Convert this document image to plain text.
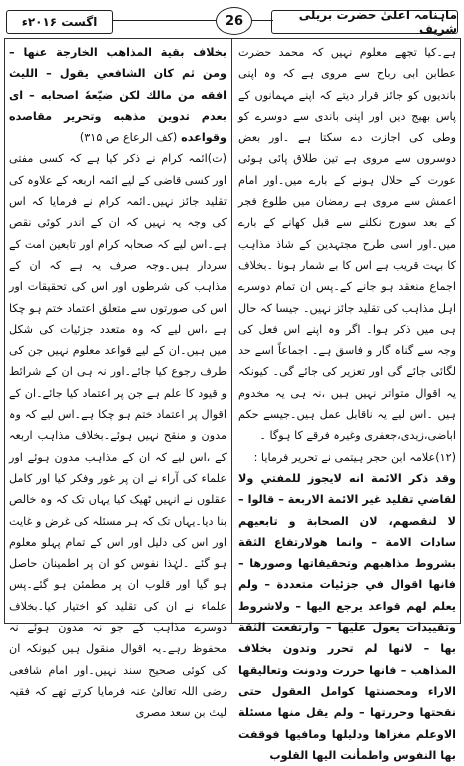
اگست ۲۰۱۶ء	26	ماہنامہ اعلیٰ حضرت بریلی شریف

ہے۔کیا تجھے معلوم نہیں کہ محمد حضرت عطابن ابی رباح سے مروی ہے کہ وہ اپنی باندیوں کو جائز قرار دیتے کہ اپنے مہمانوں کے پاس بھیج دیں اور اپنی باندی سے دوسرے کو وطی کی اجازت دے سکتا ہے ۔اور بعض دوسروں سے مروی ہے تین طلاق پائی ہوئی عورت کے حلال ہونے کے بارے میں۔اور امام اعمش سے مروی ہے رمضان میں طلوع فجر کے بعد سورج نکلنے سے قبل کھانے کے بارے میں۔اور اسی طرح مجتہدین کے شاذ مذاہب کا بہت قریب ہے اس کا بے شمار ہونا ۔بخلاف اجماع منعقد ہو جانے کے۔پس ان تمام دوسرے اہل مذاہب کی تقلید جائز نہیں۔ جیسا کہ حال ہی میں ذکر ہوا۔ اگر وہ اپنے اس فعل کی وجہ سے گناہ گار و فاسق ہے۔ اجماعاً اسے حد لگائی جائے گی اور تعزیر کی جائے گی۔ کیونکہ یہ اقوال متواتر نہیں ہیں ،نہ ہی یہ مخدوم ہیں ۔اس لیے یہ ناقابل عمل ہیں۔جیسے حکم اباضی،زیدی،جعفری وغیرہ فرقے کا ہوگا ۔

(۱۲)علامہ ابن حجر ہیتمی نے تحریر فرمایا :

وقد ذكر الائمة انه لايجوز للمفتي ولا لقاضي تقليد غير الائمة الاربعة – قالوا – لا لنقصهم، لان الصحابة و تابعيهم سادات الامة – وانما هولارتفاع الثقة بشروط مذاهبهم وتحقيقاتها وصورها – فانها اقوال في جزئيات متعددة – ولم يعلم لهم قواعد يرجع اليها – ولاشروط وتقييدات يعول عليها – وارتفعت الثقة بها – لانها لم تحرر وتدون بخلاف المذاهب – فانها حررت ودونت وتعاليقها الاراء ومحصنتها كوامل العقول حتى نقحتها وحررتها – ولم يقل منها مسئلة الاوعلم مغزاها ودليلها ومافيها فوقفت بها النفوس واطمأنت اليها القلوب

بخلاف بقية المذاهب الخارجة عنها – ومن ثم كان الشافعي يقول – الليث افقه من مالك لكن ضيّعهٗ اصحابه – ای بعدم تدوين مذهبه وتحرير مقاصده وقواعده (کف الرعاع ص ۳۱۵)

(ت)ائمہ کرام نے ذکر کیا ہے کہ کسی مفتی اور کسی قاضی کے لیے ائمہ اربعہ کے علاوہ کی تقلید جائز نہیں۔ائمہ کرام نے فرمایا کہ اس کی وجہ یہ نہیں کہ ان کے اندر کوئی نقص ہے۔اس لیے کہ صحابہ کرام اور تابعین امت کے سردار ہیں۔وجہ صرف یہ ہے کہ ان کے مذاہب کی شرطوں اور اس کی تحقیقات اور اس کی صورتوں سے متعلق اعتماد ختم ہو چکا ہے ،اس لیے کہ وہ متعدد جزئیات کی شکل میں ہیں۔ان کے لیے قواعد معلوم نہیں جن کی طرف رجوع کیا جائے۔اور نہ ہی ان کے شرائط و قیود کا علم ہے جن پر اعتماد کیا جائے۔ان کے اقوال پر اعتماد ختم ہو چکا ہے۔اس لیے کہ وہ مدون و منقح نہیں ہوئے۔بخلاف مذاہب اربعہ کے ،اس لیے کہ ان کے مذاہب مدون ہوئے اور علماء کی آراء نے ان پر غور وفکر کیا اور کامل عقلوں نے انہیں ٹھیک کیا یہاں تک کہ وہ خالص بنا دیا۔یہاں تک کہ ہر مسئلہ کی غرض و غایت اور اس کی دلیل اور اس کے تمام پہلو معلوم ہو گئے ۔لہٰذا نفوس کو ان پر اطمینان حاصل ہو گیا اور قلوب ان پر مطمئن ہو گئے۔پس علماء نے ان کی تقلید کو اختیار کیا۔بخلاف دوسرے مذاہب کے جو نہ مدون ہوئے نہ محفوظ رہے۔یہ اقوال منقول ہیں کیونکہ ان کی کوئی صحیح سند نہیں۔اور امام شافعی رضی اللہ تعالیٰ عنہ فرمایا کرتے تھے کہ فقیہ لیث بن سعد مصری
